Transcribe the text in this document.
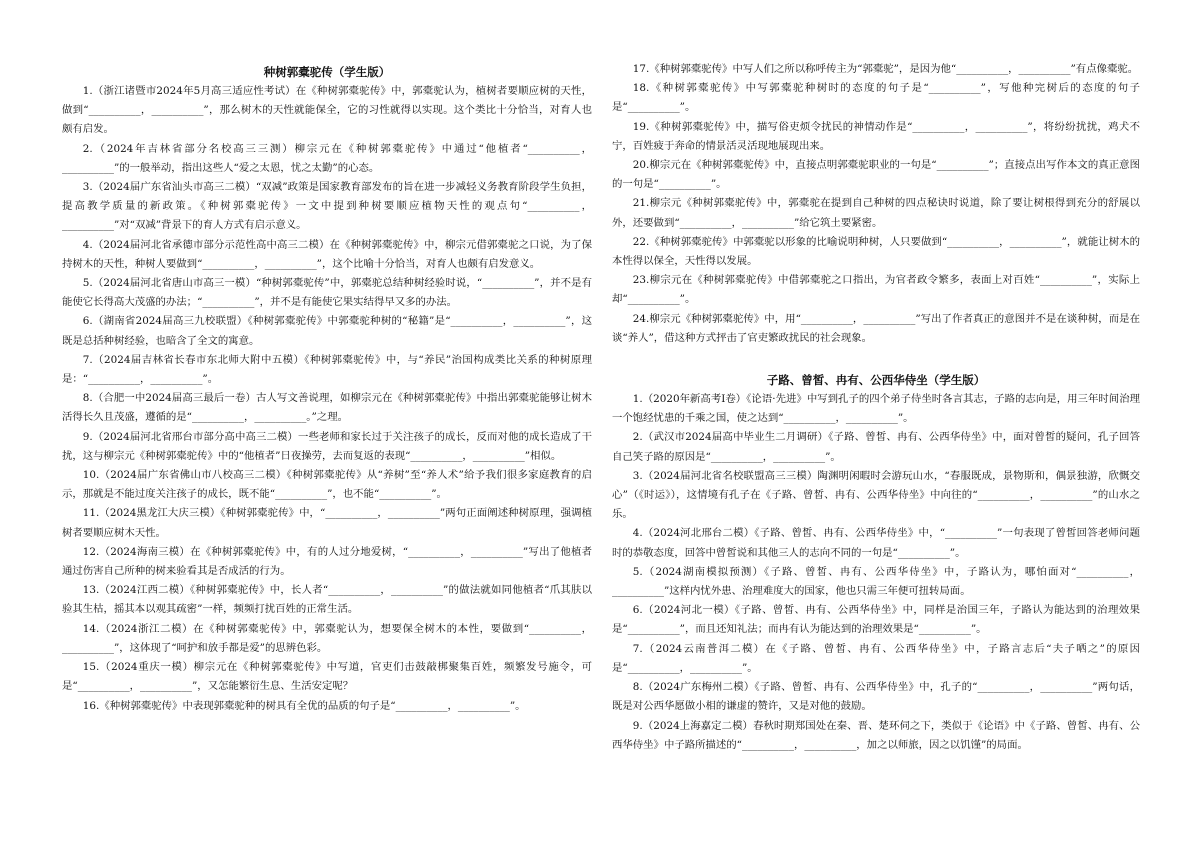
种树郭橐驼传（学生版）

1.（浙江诸暨市2024年5月高三适应性考试）在《种树郭橐驼传》中，郭橐驼认为，植树者要顺应树的天性，做到“__________，__________”，那么树木的天性就能保全，它的习性就得以实现。这个类比十分恰当，对育人也颇有启发。

2.（2024年吉林省部分名校高三三测）柳宗元在《种树郭橐驼传》中通过“他植者“__________，__________”的一般举动，指出这些人“爱之太恩，忧之太勤”的心态。

3.（2024届广东省汕头市高三二模）“双减”政策是国家教育部发布的旨在进一步减轻义务教育阶段学生负担，提高教学质量的新政策。《种树郭橐驼传》一文中提到种树要顺应植物天性的观点句“__________，__________”对“双减”背景下的育人方式有启示意义。

4.（2024届河北省承德市部分示范性高中高三二模）在《种树郭橐驼传》中，柳宗元借郭橐驼之口说，为了保持树木的天性，种树人要做到“__________，__________”，这个比喻十分恰当，对育人也颇有启发意义。

5.（2024届河北省唐山市高三一模）“种树郭橐驼传”中，郭橐驼总结种树经验时说，“__________”，并不是有能使它长得高大茂盛的办法；“__________”，并不是有能使它果实结得早又多的办法。

6.（湖南省2024届高三九校联盟）《种树郭橐驼传》中郭橐驼种树的“秘籍”是“__________，__________”，这既是总括种树经验，也暗含了全文的寓意。

7.（2024届吉林省长春市东北师大附中五模）《种树郭橐驼传》中，与“养民”治国构成类比关系的种树原理是：“__________，__________”。

8.（合肥一中2024届高三最后一卷）古人写文善说理，如柳宗元在《种树郭橐驼传》中指出郭橐驼能够让树木活得长久且茂盛，遵循的是“__________，__________。”之理。

9.（2024届河北省邢台市部分高中高三二模）一些老师和家长过于关注孩子的成长，反而对他的成长造成了干扰，这与柳宗元《种树郭橐驼传》中的“他植者”日夜操劳，去而复返的表现“__________，__________”相似。

10.（2024届广东省佛山市八校高三二模）《种树郭橐驼传》从“养树”至“养人术”给予我们很多家庭教育的启示，那就是不能过度关注孩子的成长，既不能“__________”，也不能“__________”。

11.（2024黑龙江大庆三模）《种树郭橐驼传》中，“__________，__________”两句正面阐述种树原理，强调植树者要顺应树木天性。

12.（2024海南三模）在《种树郭橐驼传》中，有的人过分地爱树，“__________，__________”写出了他植者通过伤害自己所种的树来验看其是否成活的行为。

13.（2024江西二模）《种树郭橐驼传》中，长人者“__________，__________”的做法就如同他植者“爪其肤以验其生枯，摇其本以观其疏密”一样，频频打扰百姓的正常生活。

14.（2024浙江二模）在《种树郭橐驼传》中，郭橐驼认为，想要保全树木的本性，要做到“__________，__________”，这体现了“呵护和放手都是爱”的思辨色彩。

15.（2024重庆一模）柳宗元在《种树郭橐驼传》中写道，官吏们击鼓敲梆聚集百姓，频繁发号施令，可是“__________，__________”，又怎能繁衍生息、生活安定呢？

16.《种树郭橐驼传》中表现郭橐驼种的树具有全优的品质的句子是“__________，__________”。

17.《种树郭橐驼传》中写人们之所以称呼传主为“郭橐驼”，是因为他“__________，__________”有点像橐驼。

18.《种树郭橐驼传》中写郭橐驼种树时的态度的句子是“__________”，写他种完树后的态度的句子是“__________”。

19.《种树郭橐驼传》中，描写俗吏烦令扰民的神情动作是“__________，__________”，将纷纷扰扰，鸡犬不宁，百姓疲于奔命的情景活灵活现地展现出来。

20.柳宗元在《种树郭橐驼传》中，直接点明郭橐驼职业的一句是“__________”；直接点出写作本文的真正意图的一句是“__________”。

21.柳宗元《种树郭橐驼传》中，郭橐驼在提到自己种树的四点秘诀时说道，除了要让树根得到充分的舒展以外，还要做到“__________，__________”给它筑土要紧密。

22.《种树郭橐驼传》中郭橐驼以形象的比喻说明种树，人只要做到“__________，__________”，就能让树木的本性得以保全，天性得以发展。

23.柳宗元在《种树郭橐驼传》中借郭橐驼之口指出，为官者政令繁多，表面上对百姓“__________”，实际上却“__________”。

24.柳宗元《种树郭橐驼传》中，用“__________，__________”写出了作者真正的意图并不是在谈种树，而是在谈“养人”，借这种方式抨击了官吏繁政扰民的社会现象。

子路、曾皙、冉有、公西华侍坐（学生版）

1.（2020年新高考Ⅰ卷）《论语·先进》中写到孔子的四个弟子侍坐时各言其志，子路的志向是，用三年时间治理一个饱经忧患的千乘之国，使之达到“__________，__________”。

2.（武汉市2024届高中毕业生二月调研）《子路、曾皙、冉有、公西华侍坐》中，面对曾皙的疑问，孔子回答自己笑子路的原因是“__________，__________”。

3.（2024届河北省名校联盟高三三模）陶渊明闲暇时会游玩山水，“春服既成，景物斯和，偶景独游，欣慨交心”（《时运》），这情境有孔子在《子路、曾皙、冉有、公西华侍坐》中向往的“__________，__________”的山水之乐。

4.（2024河北邢台二模）《子路、曾皙、冉有、公西华侍坐》中，“__________”一句表现了曾皙回答老师问题时的恭敬态度，回答中曾皙说和其他三人的志向不同的一句是“__________”。

5.（2024湖南模拟预测）《子路、曾皙、冉有、公西华侍坐》中，子路认为，哪怕面对“__________，__________”这样内忧外患、治理难度大的国家，他也只需三年便可扭转局面。

6.（2024河北一模）《子路、曾皙、冉有、公西华侍坐》中，同样是治国三年，子路认为能达到的治理效果是“__________”，而且还知礼法；而冉有认为能达到的治理效果是“__________”。

7.（2024云南普洱二模）在《子路、曾皙、冉有、公西华侍坐》中，子路言志后“夫子哂之”的原因是“__________，__________”。

8.（2024广东梅州二模）《子路、曾皙、冉有、公西华侍坐》中，孔子的“__________，__________”两句话，既是对公西华愿做小相的谦虚的赞许，又是对他的鼓励。

9.（2024上海嘉定二模）春秋时期郑国处在秦、晋、楚环伺之下，类似于《论语》中《子路、曾皙、冉有、公西华侍坐》中子路所描述的“__________，__________，加之以师旅，因之以饥馑”的局面。
